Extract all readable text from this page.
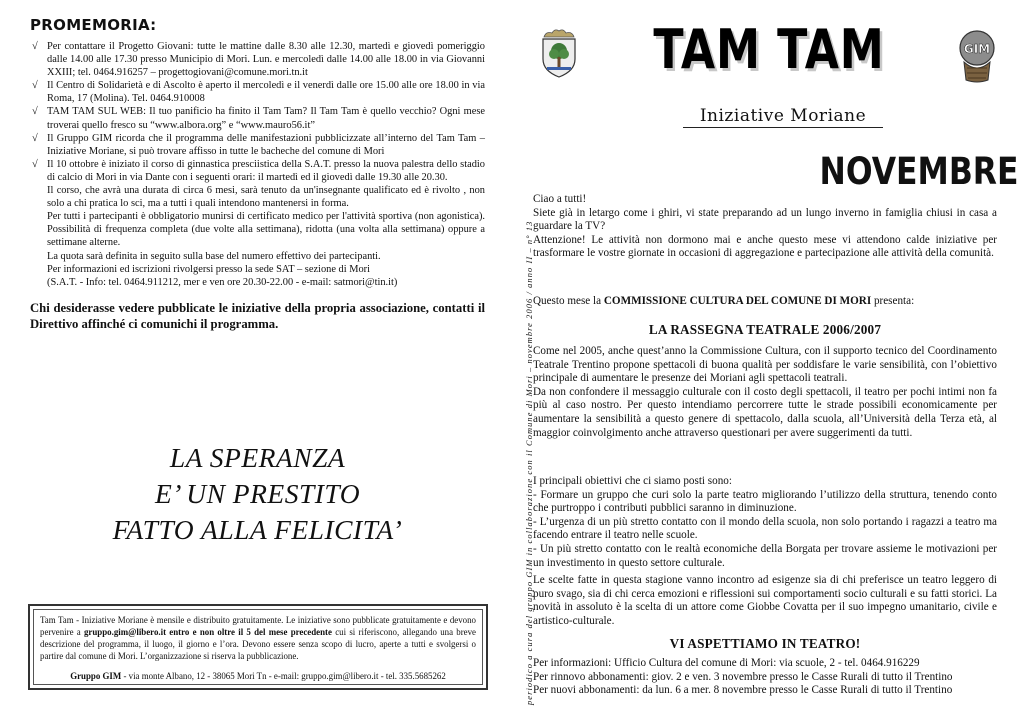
PROMEMORIA:
√ Per contattare il Progetto Giovani: tutte le mattine dalle 8.30 alle 12.30, martedì e giovedì pomeriggio dalle 14.00 alle 17.30 presso Municipio di Mori. Lun. e mercoledì dalle 14.00 alle 18.00 in via Giovanni XXIII; tel. 0464.916257 – progettogiovani@comune.mori.tn.it

√ Il Centro di Solidarietà e di Ascolto è aperto il mercoledì e il venerdì dalle ore 15.00 alle ore 18.00 in via Roma, 17 (Molina). Tel. 0464.910008

√ TAM TAM SUL WEB: Il tuo panificio ha finito il Tam Tam? Il Tam Tam è quello vecchio? Ogni mese troverai quello fresco su “www.albora.org” e “www.mauro56.it”

√ Il Gruppo GIM ricorda che il programma delle manifestazioni pubblicizzate all’interno del Tam Tam – Iniziative Moriane, si può trovare affisso in tutte le bacheche del comune di Mori

√ Il 10 ottobre è iniziato il corso di ginnastica presciistica della S.A.T. presso la nuova palestra dello stadio di calcio di Mori in via Dante con i seguenti orari: il martedì ed il giovedì dalle 19.30 alle 20.30.

Il corso, che avrà una durata di circa 6 mesi, sarà tenuto da un'insegnante qualificato ed è rivolto , non solo a chi pratica lo sci, ma a tutti i quali intendono mantenersi in forma.

Per tutti i partecipanti è obbligatorio munirsi di certificato medico per l'attività sportiva (non agonistica). Possibilità di frequenza completa (due volte alla settimana), ridotta (una volta alla settimana) oppure a settimane alterne.

La quota sarà definita in seguito sulla base del numero effettivo dei partecipanti.

Per informazioni ed iscrizioni rivolgersi presso la sede SAT – sezione di Mori

(S.A.T. - Info: tel. 0464.911212, mer e ven ore 20.30-22.00 - e-mail: satmori@tin.it)

Chi desiderasse vedere pubblicate le iniziative della propria associazione, contatti il Direttivo affinché ci comunichi il programma.
LA SPERANZA
E’ UN PRESTITO
FATTO ALLA FELICITA’
Tam Tam - Iniziative Moriane è mensile e distribuito gratuitamente. Le iniziative sono pubblicate gratuitamente e devono pervenire a gruppo.gim@libero.it entro e non oltre il 5 del mese precedente cui si riferiscono, allegando una breve descrizione del programma, il luogo, il giorno e l’ora. Devono essere senza scopo di lucro, aperte a tutti e svolgersi o partire dal comune di Mori. L’organizzazione si riserva la pubblicazione.
Gruppo GIM - via monte Albano, 12 - 38065 Mori Tn - e-mail: gruppo.gim@libero.it - tel. 335.5685262	periodico a cura del gruppo GIM in collaborazione con il Comune di Mori – novembre 2006 / anno II – n° 13
TAM TAM	GIM
Iniziative Moriane
NOVEMBRE

Ciao a tutti!

Siete già in letargo come i ghiri, vi state preparando ad un lungo inverno in famiglia chiusi in casa a guardare la TV?

Attenzione! Le attività non dormono mai e anche questo mese vi attendono calde iniziative per trasformare le vostre giornate in occasioni di aggregazione e partecipazione alle attività della comunità.

Questo mese la COMMISSIONE CULTURA DEL COMUNE DI MORI presenta:

LA RASSEGNA TEATRALE 2006/2007

Come nel 2005, anche quest’anno la Commissione Cultura, con il supporto tecnico del Coordinamento Teatrale Trentino propone spettacoli di buona qualità per soddisfare le varie sensibilità, con l’obiettivo principale di aumentare le presenze dei Moriani agli spettacoli teatrali.

Da non confondere il messaggio culturale con il costo degli spettacoli, il teatro per pochi intimi non fa più al caso nostro. Per questo intendiamo percorrere tutte le strade possibili economicamente per aumentare la sensibilità a questo genere di spettacolo, dalla scuola, all’Università della Terza età, al maggior coinvolgimento anche attraverso questionari per avere suggerimenti da tutti.

I principali obiettivi che ci siamo posti sono:

- Formare un gruppo che curi solo la parte teatro migliorando l’utilizzo della struttura, tenendo conto che purtroppo i contributi pubblici saranno in diminuzione.

- L’urgenza di un più stretto contatto con il mondo della scuola, non solo portando i ragazzi a teatro ma facendo entrare il teatro nelle scuole.

- Un più stretto contatto con le realtà economiche della Borgata per trovare assieme le motivazioni per un investimento in questo settore culturale.

Le scelte fatte in questa stagione vanno incontro ad esigenze sia di chi preferisce un teatro leggero di puro svago, sia di chi cerca emozioni e riflessioni sui comportamenti socio culturali e su fatti storici. La novità in assoluto è la scelta di un attore come Giobbe Covatta per il suo impegno umanitario, civile e artistico-culturale.

VI ASPETTIAMO IN TEATRO!

Per informazioni: Ufficio Cultura del comune di Mori: via scuole, 2 - tel. 0464.916229

Per rinnovo abbonamenti: giov. 2 e ven. 3 novembre presso le Casse Rurali di tutto il Trentino

Per nuovi abbonamenti: da lun. 6 a mer. 8 novembre presso le Casse Rurali di tutto il Trentino
